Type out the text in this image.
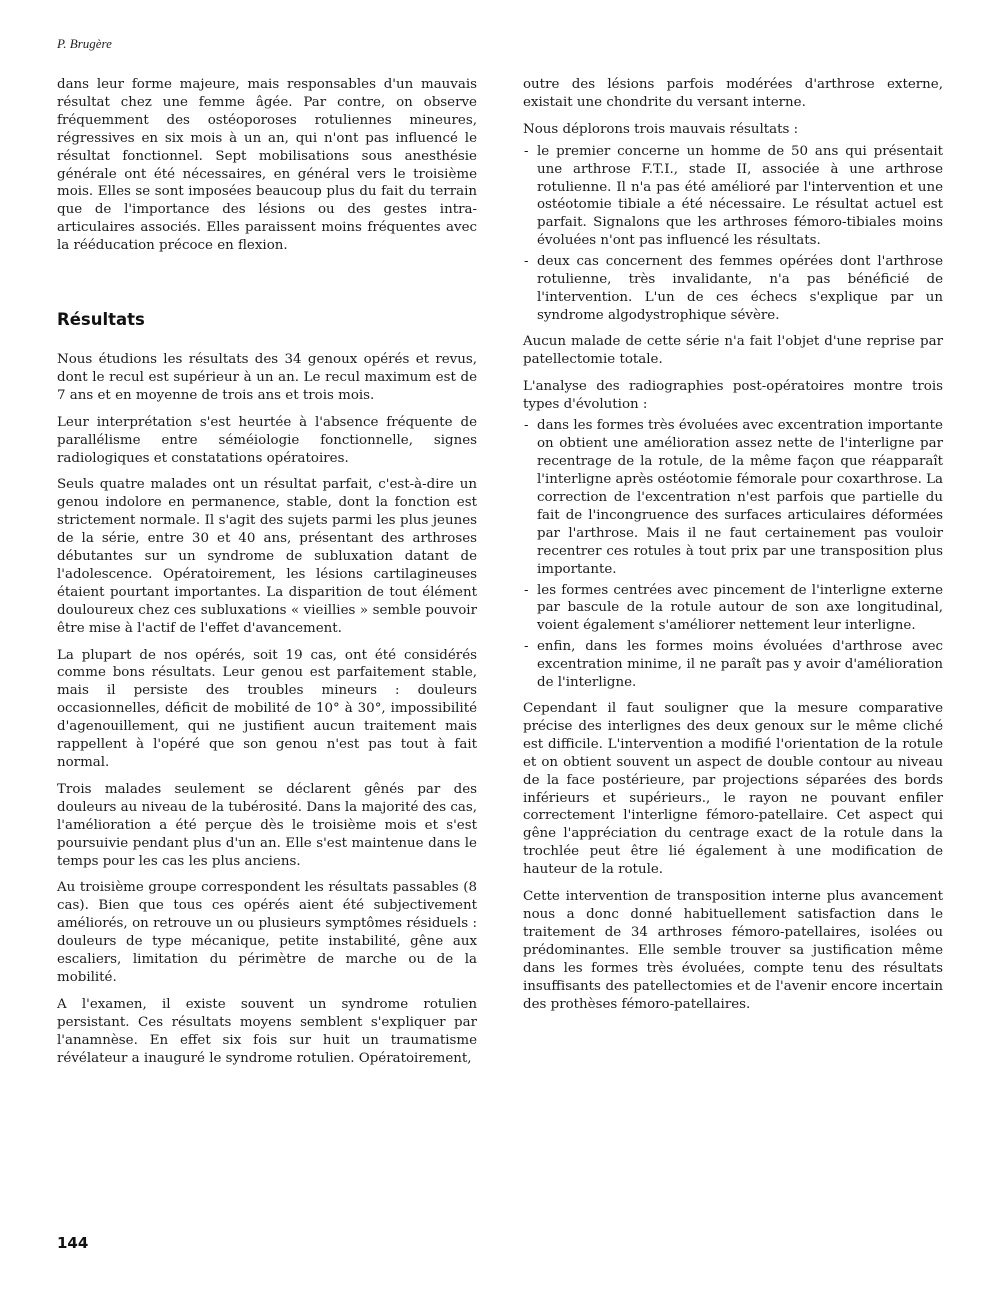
P. Brugère

dans leur forme majeure, mais responsables d'un mauvais résultat chez une femme âgée. Par contre, on observe fréquemment des ostéoporoses rotuliennes mineures, régressives en six mois à un an, qui n'ont pas influencé le résultat fonctionnel. Sept mobilisations sous anesthésie générale ont été nécessaires, en général vers le troisième mois. Elles se sont imposées beaucoup plus du fait du terrain que de l'importance des lésions ou des gestes intra-articulaires associés. Elles paraissent moins fréquentes avec la rééducation précoce en flexion.

Résultats

Nous étudions les résultats des 34 genoux opérés et revus, dont le recul est supérieur à un an. Le recul maximum est de 7 ans et en moyenne de trois ans et trois mois.

Leur interprétation s'est heurtée à l'absence fréquente de parallélisme entre séméiologie fonctionnelle, signes radiologiques et constatations opératoires.

Seuls quatre malades ont un résultat parfait, c'est-à-dire un genou indolore en permanence, stable, dont la fonction est strictement normale. Il s'agit des sujets parmi les plus jeunes de la série, entre 30 et 40 ans, présentant des arthroses débutantes sur un syndrome de subluxation datant de l'adolescence. Opératoirement, les lésions cartilagineuses étaient pourtant importantes. La disparition de tout élément douloureux chez ces subluxations « vieillies » semble pouvoir être mise à l'actif de l'effet d'avancement.

La plupart de nos opérés, soit 19 cas, ont été considérés comme bons résultats. Leur genou est parfaitement stable, mais il persiste des troubles mineurs : douleurs occasionnelles, déficit de mobilité de 10° à 30°, impossibilité d'agenouillement, qui ne justifient aucun traitement mais rappellent à l'opéré que son genou n'est pas tout à fait normal.

Trois malades seulement se déclarent gênés par des douleurs au niveau de la tubérosité. Dans la majorité des cas, l'amélioration a été perçue dès le troisième mois et s'est poursuivie pendant plus d'un an. Elle s'est maintenue dans le temps pour les cas les plus anciens.

Au troisième groupe correspondent les résultats passables (8 cas). Bien que tous ces opérés aient été subjectivement améliorés, on retrouve un ou plusieurs symptômes résiduels : douleurs de type mécanique, petite instabilité, gêne aux escaliers, limitation du périmètre de marche ou de la mobilité.

A l'examen, il existe souvent un syndrome rotulien persistant. Ces résultats moyens semblent s'expliquer par l'anamnèse. En effet six fois sur huit un traumatisme révélateur a inauguré le syndrome rotulien. Opératoirement,

outre des lésions parfois modérées d'arthrose externe, existait une chondrite du versant interne.

Nous déplorons trois mauvais résultats :

- le premier concerne un homme de 50 ans qui présentait une arthrose F.T.I., stade II, associée à une arthrose rotulienne. Il n'a pas été amélioré par l'intervention et une ostéotomie tibiale a été nécessaire. Le résultat actuel est parfait. Signalons que les arthroses fémoro-tibiales moins évoluées n'ont pas influencé les résultats.
- deux cas concernent des femmes opérées dont l'arthrose rotulienne, très invalidante, n'a pas bénéficié de l'intervention. L'un de ces échecs s'explique par un syndrome algodystrophique sévère.

Aucun malade de cette série n'a fait l'objet d'une reprise par patellectomie totale.

L'analyse des radiographies post-opératoires montre trois types d'évolution :

- dans les formes très évoluées avec excentration importante on obtient une amélioration assez nette de l'interligne par recentrage de la rotule, de la même façon que réapparaît l'interligne après ostéotomie fémorale pour coxarthrose. La correction de l'excentration n'est parfois que partielle du fait de l'incongruence des surfaces articulaires déformées par l'arthrose. Mais il ne faut certainement pas vouloir recentrer ces rotules à tout prix par une transposition plus importante.
- les formes centrées avec pincement de l'interligne externe par bascule de la rotule autour de son axe longitudinal, voient également s'améliorer nettement leur interligne.
- enfin, dans les formes moins évoluées d'arthrose avec excentration minime, il ne paraît pas y avoir d'amélioration de l'interligne.

Cependant il faut souligner que la mesure comparative précise des interlignes des deux genoux sur le même cliché est difficile. L'intervention a modifié l'orientation de la rotule et on obtient souvent un aspect de double contour au niveau de la face postérieure, par projections séparées des bords inférieurs et supérieurs., le rayon ne pouvant enfiler correctement l'interligne fémoro-patellaire. Cet aspect qui gêne l'appréciation du centrage exact de la rotule dans la trochlée peut être lié également à une modification de hauteur de la rotule.

Cette intervention de transposition interne plus avancement nous a donc donné habituellement satisfaction dans le traitement de 34 arthroses fémoro-patellaires, isolées ou prédominantes. Elle semble trouver sa justification même dans les formes très évoluées, compte tenu des résultats insuffisants des patellectomies et de l'avenir encore incertain des prothèses fémoro-patellaires.

144
